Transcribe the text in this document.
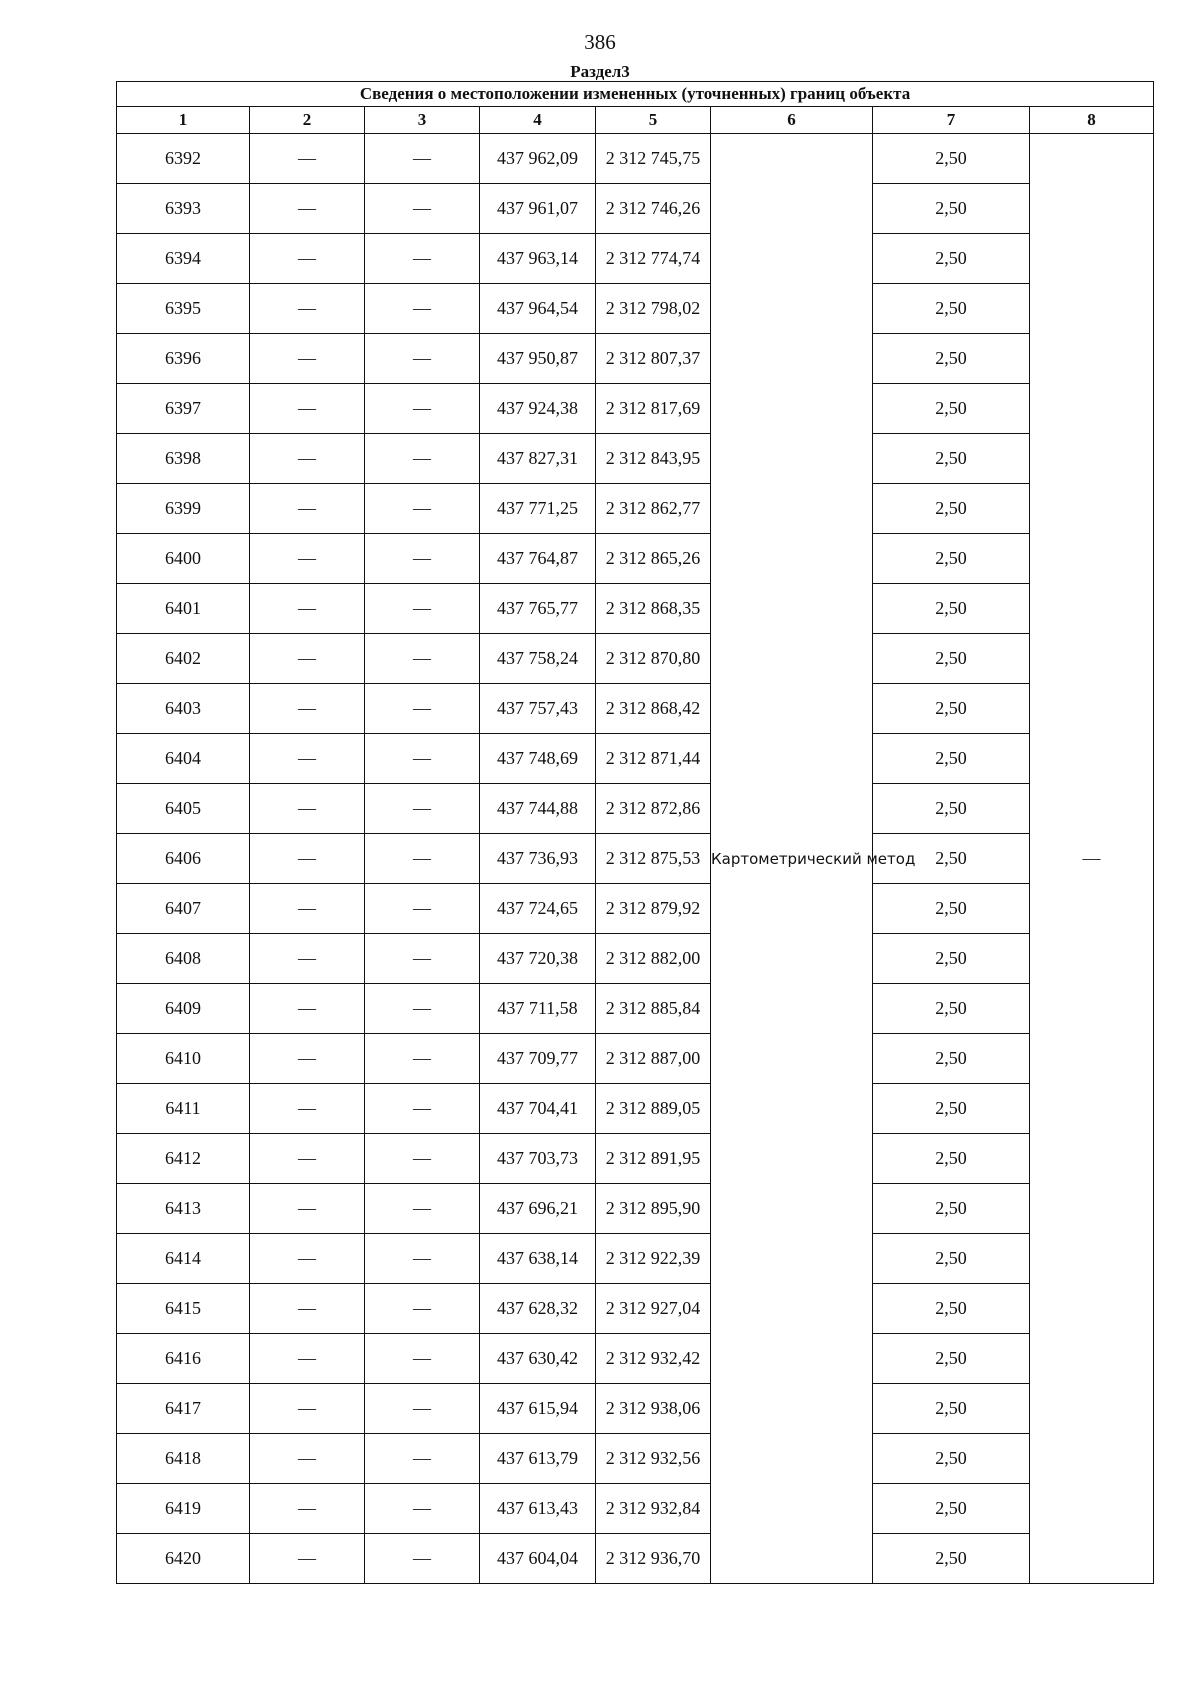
386
Раздел3
Сведения о местоположении измененных (уточненных) границ объекта							
1	2	3	4	5	6	7	8
6392	—	—	437 962,09	2 312 745,75	Картометрический метод	2,50	—
6393	—	—	437 961,07	2 312 746,26		2,50	
6394	—	—	437 963,14	2 312 774,74		2,50	
6395	—	—	437 964,54	2 312 798,02		2,50	
6396	—	—	437 950,87	2 312 807,37		2,50	
6397	—	—	437 924,38	2 312 817,69		2,50	
6398	—	—	437 827,31	2 312 843,95		2,50	
6399	—	—	437 771,25	2 312 862,77		2,50	
6400	—	—	437 764,87	2 312 865,26		2,50	
6401	—	—	437 765,77	2 312 868,35		2,50	
6402	—	—	437 758,24	2 312 870,80		2,50	
6403	—	—	437 757,43	2 312 868,42		2,50	
6404	—	—	437 748,69	2 312 871,44		2,50	
6405	—	—	437 744,88	2 312 872,86		2,50	
6406	—	—	437 736,93	2 312 875,53		2,50	
6407	—	—	437 724,65	2 312 879,92		2,50	
6408	—	—	437 720,38	2 312 882,00		2,50	
6409	—	—	437 711,58	2 312 885,84		2,50	
6410	—	—	437 709,77	2 312 887,00		2,50	
6411	—	—	437 704,41	2 312 889,05		2,50	
6412	—	—	437 703,73	2 312 891,95		2,50	
6413	—	—	437 696,21	2 312 895,90		2,50	
6414	—	—	437 638,14	2 312 922,39		2,50	
6415	—	—	437 628,32	2 312 927,04		2,50	
6416	—	—	437 630,42	2 312 932,42		2,50	
6417	—	—	437 615,94	2 312 938,06		2,50	
6418	—	—	437 613,79	2 312 932,56		2,50	
6419	—	—	437 613,43	2 312 932,84		2,50	
6420	—	—	437 604,04	2 312 936,70		2,50	
